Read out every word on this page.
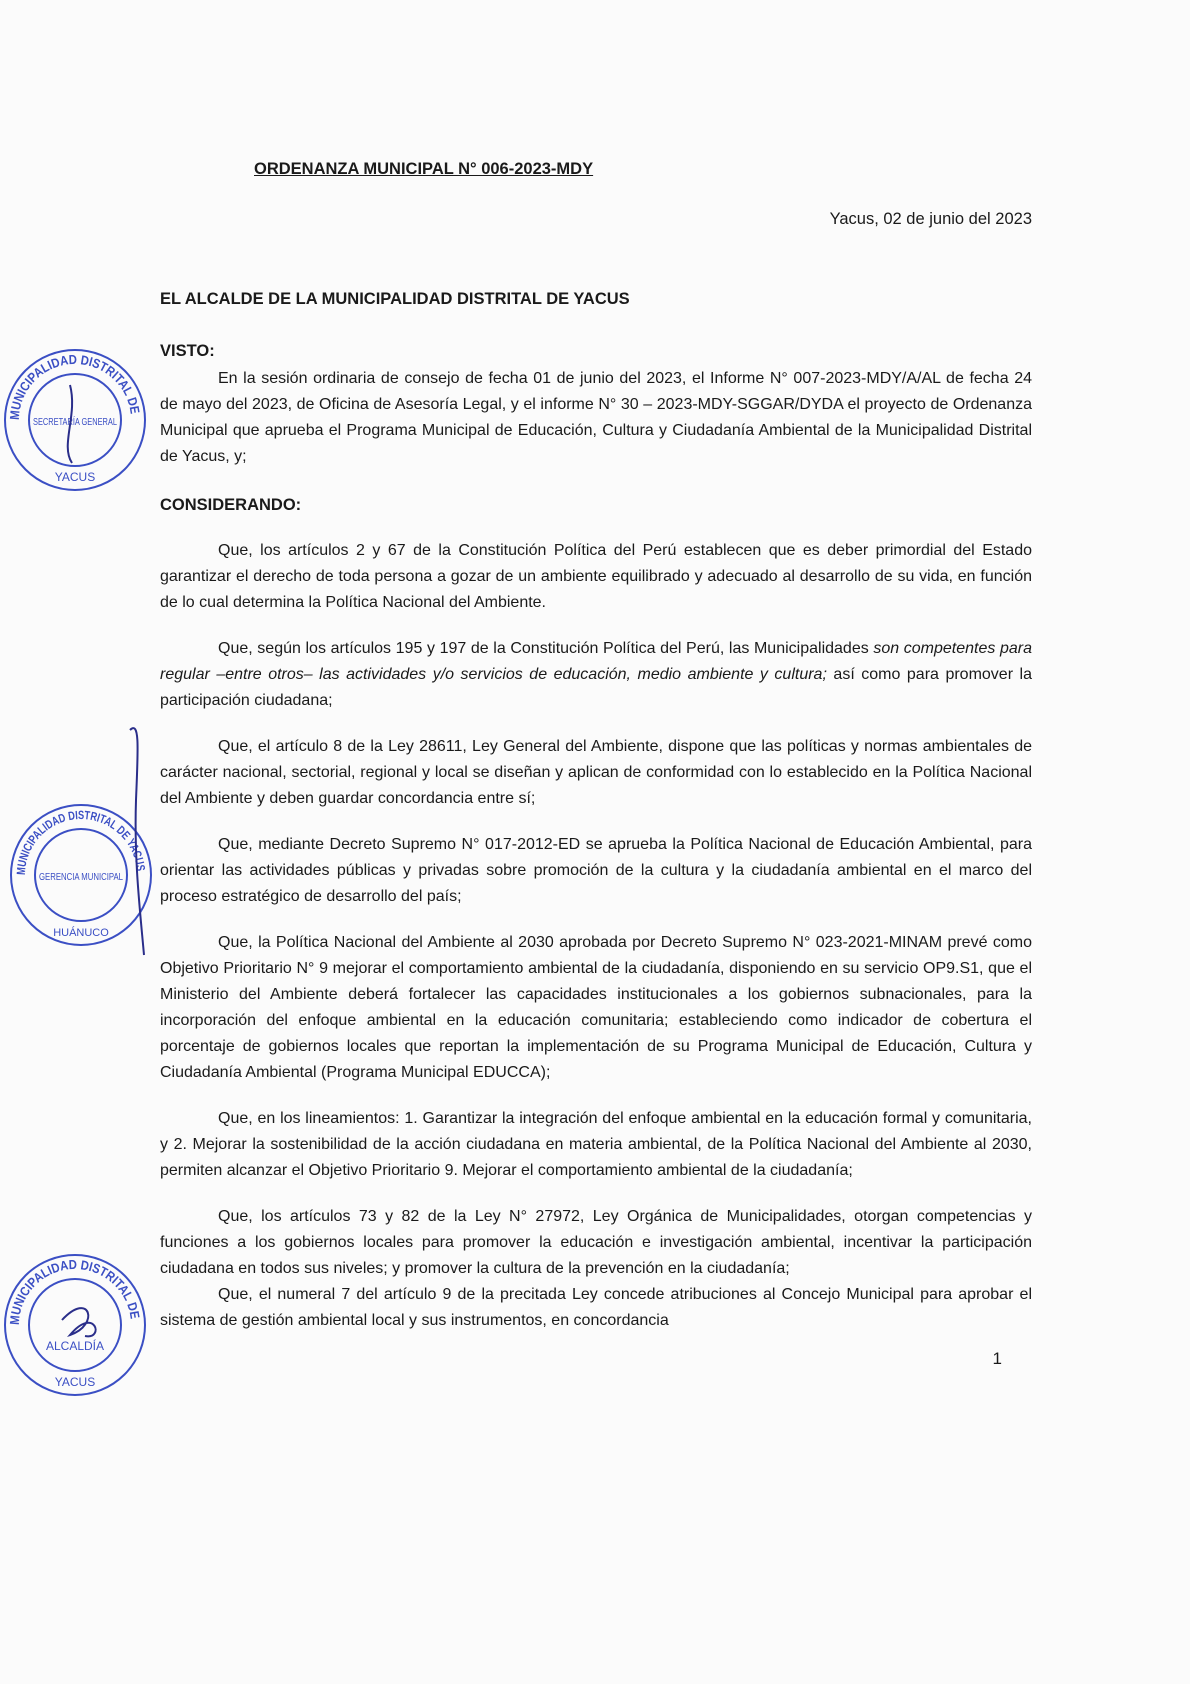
ORDENANZA MUNICIPAL N° 006-2023-MDY
Yacus, 02 de junio del 2023
EL ALCALDE DE LA MUNICIPALIDAD DISTRITAL DE YACUS
VISTO:
En la sesión ordinaria de consejo de fecha 01 de junio del 2023, el Informe N° 007-2023-MDY/A/AL de fecha 24 de mayo del 2023, de Oficina de Asesoría Legal, y el informe N° 30 – 2023-MDY-SGGAR/DYDA el proyecto de Ordenanza Municipal que aprueba el Programa Municipal de Educación, Cultura y Ciudadanía Ambiental de la Municipalidad Distrital de Yacus, y;
CONSIDERANDO:
Que, los artículos 2 y 67 de la Constitución Política del Perú establecen que es deber primordial del Estado garantizar el derecho de toda persona a gozar de un ambiente equilibrado y adecuado al desarrollo de su vida, en función de lo cual determina la Política Nacional del Ambiente.
Que, según los artículos 195 y 197 de la Constitución Política del Perú, las Municipalidades son competentes para regular –entre otros– las actividades y/o servicios de educación, medio ambiente y cultura; así como para promover la participación ciudadana;
Que, el artículo 8 de la Ley 28611, Ley General del Ambiente, dispone que las políticas y normas ambientales de carácter nacional, sectorial, regional y local se diseñan y aplican de conformidad con lo establecido en la Política Nacional del Ambiente y deben guardar concordancia entre sí;
Que, mediante Decreto Supremo N° 017-2012-ED se aprueba la Política Nacional de Educación Ambiental, para orientar las actividades públicas y privadas sobre promoción de la cultura y la ciudadanía ambiental en el marco del proceso estratégico de desarrollo del país;
Que, la Política Nacional del Ambiente al 2030 aprobada por Decreto Supremo N° 023-2021-MINAM prevé como Objetivo Prioritario N° 9 mejorar el comportamiento ambiental de la ciudadanía, disponiendo en su servicio OP9.S1, que el Ministerio del Ambiente deberá fortalecer las capacidades institucionales a los gobiernos subnacionales, para la incorporación del enfoque ambiental en la educación comunitaria; estableciendo como indicador de cobertura el porcentaje de gobiernos locales que reportan la implementación de su Programa Municipal de Educación, Cultura y Ciudadanía Ambiental (Programa Municipal EDUCCA);
Que, en los lineamientos: 1. Garantizar la integración del enfoque ambiental en la educación formal y comunitaria, y 2. Mejorar la sostenibilidad de la acción ciudadana en materia ambiental, de la Política Nacional del Ambiente al 2030, permiten alcanzar el Objetivo Prioritario 9. Mejorar el comportamiento ambiental de la ciudadanía;
Que, los artículos 73 y 82 de la Ley N° 27972, Ley Orgánica de Municipalidades, otorgan competencias y funciones a los gobiernos locales para promover la educación e investigación ambiental, incentivar la participación ciudadana en todos sus niveles; y promover la cultura de la prevención en la ciudadanía;
Que, el numeral 7 del artículo 9 de la precitada Ley concede atribuciones al Concejo Municipal para aprobar el sistema de gestión ambiental local y sus instrumentos, en concordancia
1
MUNICIPALIDAD DISTRITAL DE
SECRETARÍA GENERAL
YACUS
MUNICIPALIDAD DISTRITAL DE YACUS
GERENCIA MUNICIPAL
HUÁNUCO
MUNICIPALIDAD DISTRITAL DE
ALCALDÍA
YACUS
